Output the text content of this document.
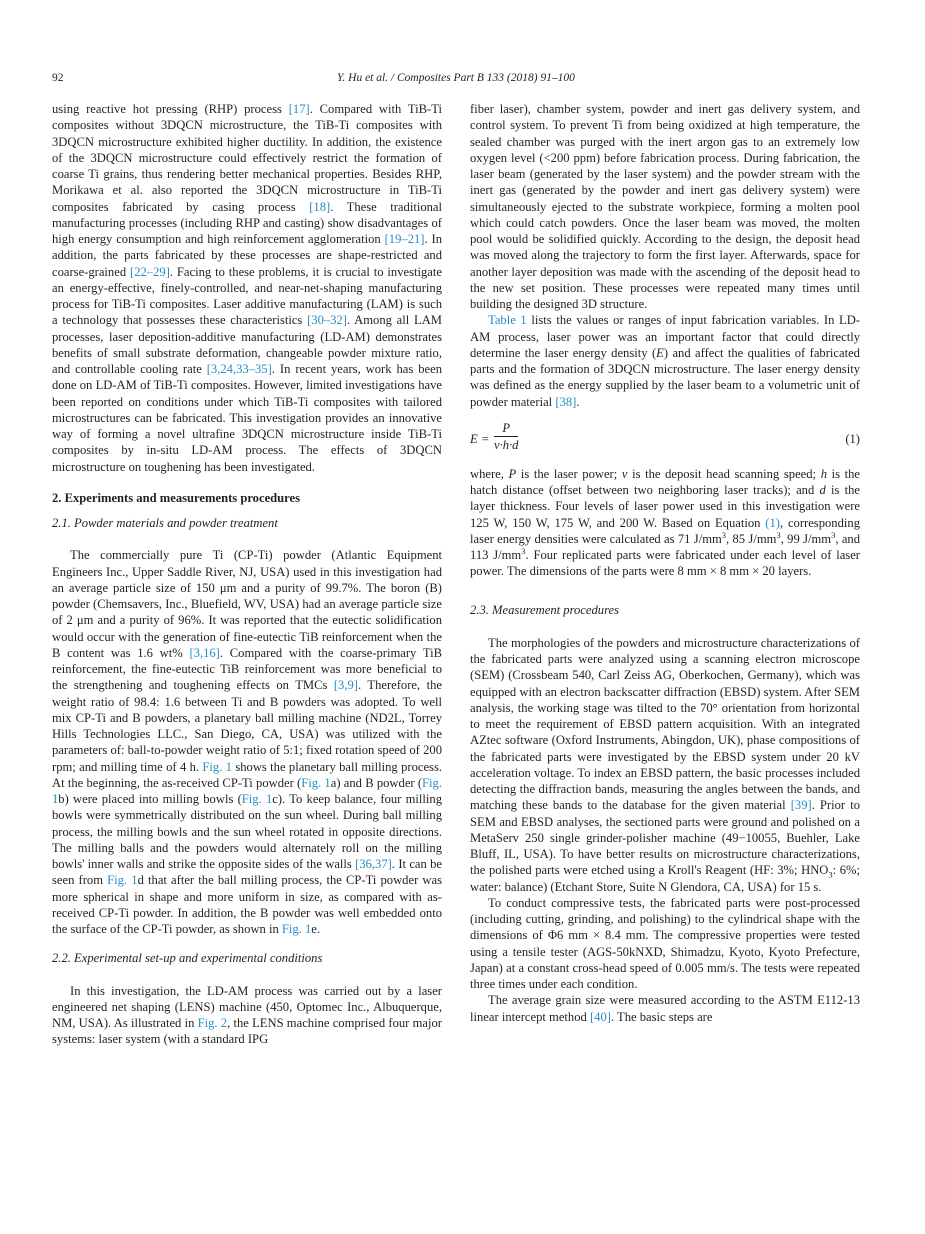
92	Y. Hu et al. / Composites Part B 133 (2018) 91–100

using reactive hot pressing (RHP) process [17]. Compared with TiB-Ti composites without 3DQCN microstructure, the TiB-Ti composites with 3DQCN microstructure exhibited higher ductility. In addition, the existence of the 3DQCN microstructure could effectively restrict the formation of coarse Ti grains, thus rendering better mechanical properties. Besides RHP, Morikawa et al. also reported the 3DQCN microstructure in TiB-Ti composites fabricated by casing process [18]. These traditional manufacturing processes (including RHP and casting) show disadvantages of high energy consumption and high reinforcement agglomeration [19–21]. In addition, the parts fabricated by these processes are shape-restricted and coarse-grained [22–29]. Facing to these problems, it is crucial to investigate an energy-effective, finely-controlled, and near-net-shaping manufacturing process for TiB-Ti composites. Laser additive manufacturing (LAM) is such a technology that possesses these characteristics [30–32]. Among all LAM processes, laser deposition-additive manufacturing (LD-AM) demonstrates benefits of small substrate deformation, changeable powder mixture ratio, and controllable cooling rate [3,24,33–35]. In recent years, work has been done on LD-AM of TiB-Ti composites. However, limited investigations have been reported on conditions under which TiB-Ti composites with tailored microstructures can be fabricated. This investigation provides an innovative way of forming a novel ultrafine 3DQCN microstructure inside TiB-Ti composites by in-situ LD-AM process. The effects of 3DQCN microstructure on toughening has been investigated.

2. Experiments and measurements procedures
2.1. Powder materials and powder treatment

The commercially pure Ti (CP-Ti) powder (Atlantic Equipment Engineers Inc., Upper Saddle River, NJ, USA) used in this investigation had an average particle size of 150 μm and a purity of 99.7%. The boron (B) powder (Chemsavers, Inc., Bluefield, WV, USA) had an average particle size of 2 μm and a purity of 96%. It was reported that the eutectic solidification would occur with the generation of fine-eutectic TiB reinforcement when the B content was 1.6 wt% [3,16]. Compared with the coarse-primary TiB reinforcement, the fine-eutectic TiB reinforcement was more beneficial to the strengthening and toughening effects on TMCs [3,9]. Therefore, the weight ratio of 98.4: 1.6 between Ti and B powders was adopted. To well mix CP-Ti and B powders, a planetary ball milling machine (ND2L, Torrey Hills Technologies LLC., San Diego, CA, USA) was utilized with the parameters of: ball-to-powder weight ratio of 5:1; fixed rotation speed of 200 rpm; and milling time of 4 h. Fig. 1 shows the planetary ball milling process. At the beginning, the as-received CP-Ti powder (Fig. 1a) and B powder (Fig. 1b) were placed into milling bowls (Fig. 1c). To keep balance, four milling bowls were symmetrically distributed on the sun wheel. During ball milling process, the milling bowls and the sun wheel rotated in opposite directions. The milling balls and the powders would alternately roll on the milling bowls' inner walls and strike the opposite sides of the walls [36,37]. It can be seen from Fig. 1d that after the ball milling process, the CP-Ti powder was more spherical in shape and more uniform in size, as compared with as-received CP-Ti powder. In addition, the B powder was well embedded onto the surface of the CP-Ti powder, as shown in Fig. 1e.

2.2. Experimental set-up and experimental conditions

In this investigation, the LD-AM process was carried out by a laser engineered net shaping (LENS) machine (450, Optomec Inc., Albuquerque, NM, USA). As illustrated in Fig. 2, the LENS machine comprised four major systems: laser system (with a standard IPG

fiber laser), chamber system, powder and inert gas delivery system, and control system. To prevent Ti from being oxidized at high temperature, the sealed chamber was purged with the inert argon gas to an extremely low oxygen level (<200 ppm) before fabrication process. During fabrication, the laser beam (generated by the laser system) and the powder stream with the inert gas (generated by the powder and inert gas delivery system) were simultaneously ejected to the substrate workpiece, forming a molten pool which could catch powders. Once the laser beam was moved, the molten pool would be solidified quickly. According to the design, the deposit head was moved along the trajectory to form the first layer. Afterwards, space for another layer deposition was made with the ascending of the deposit head to the new set position. These processes were repeated many times until building the designed 3D structure.

Table 1 lists the values or ranges of input fabrication variables. In LD-AM process, laser power was an important factor that could directly determine the laser energy density (E) and affect the qualities of fabricated parts and the formation of 3DQCN microstructure. The laser energy density was defined as the energy supplied by the laser beam to a volumetric unit of powder material [38].

$E = \frac{P}{v\cdot h\cdot d}$	(1)

where, P is the laser power; v is the deposit head scanning speed; h is the hatch distance (offset between two neighboring laser tracks); and d is the layer thickness. Four levels of laser power used in this investigation were 125 W, 150 W, 175 W, and 200 W. Based on Equation (1), corresponding laser energy densities were calculated as 71 $J/mm^3$, 85 $J/mm^3$, 99 $J/mm^3$, and 113 $J/mm^3$. Four replicated parts were fabricated under each level of laser power. The dimensions of the parts were 8 mm × 8 mm × 20 layers.

2.3. Measurement procedures

The morphologies of the powders and microstructure characterizations of the fabricated parts were analyzed using a scanning electron microscope (SEM) (Crossbeam 540, Carl Zeiss AG, Oberkochen, Germany), which was equipped with an electron backscatter diffraction (EBSD) system. After SEM analysis, the working stage was tilted to the 70° orientation from horizontal to meet the requirement of EBSD pattern acquisition. With an integrated AZtec software (Oxford Instruments, Abingdon, UK), phase compositions of the fabricated parts were investigated by the EBSD system under 20 kV acceleration voltage. To index an EBSD pattern, the basic processes included detecting the diffraction bands, measuring the angles between the bands, and matching these bands to the database for the given material [39]. Prior to SEM and EBSD analyses, the sectioned parts were ground and polished on a MetaServ 250 single grinder-polisher machine (49−10055, Buehler, Lake Bluff, IL, USA). To have better results on microstructure characterizations, the polished parts were etched using a Kroll's Reagent (HF: 3%; $HNO_3$: 6%; water: balance) (Etchant Store, Suite N Glendora, CA, USA) for 15 s.

To conduct compressive tests, the fabricated parts were post-processed (including cutting, grinding, and polishing) to the cylindrical shape with the dimensions of Φ6 mm × 8.4 mm. The compressive properties were tested using a tensile tester (AGS-50kNXD, Shimadzu, Kyoto, Kyoto Prefecture, Japan) at a constant cross-head speed of 0.005 mm/s. The tests were repeated three times under each condition.

The average grain size were measured according to the ASTM E112-13 linear intercept method [40]. The basic steps are
